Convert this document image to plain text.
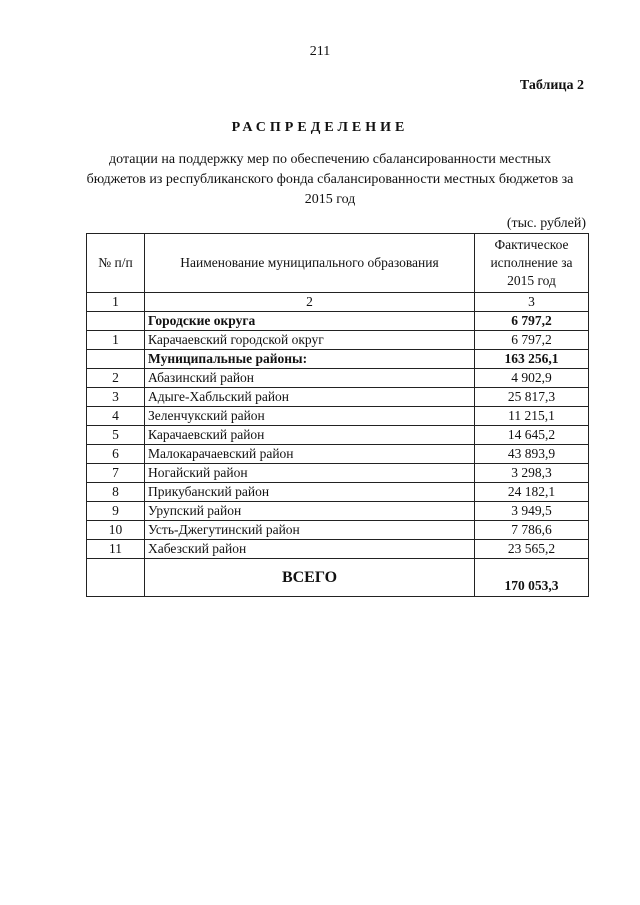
211
Таблица 2
РАСПРЕДЕЛЕНИЕ
дотации на поддержку мер по обеспечению сбалансированности местных бюджетов из республиканского фонда сбалансированности местных бюджетов за 2015 год
(тыс. рублей)
№ п/п	Наименование муниципального образования	Фактическое исполнение за 2015 год
1	2	3
	Городские округа	6 797,2
1	Карачаевский городской округ	6 797,2
	Муниципальные районы:	163 256,1
2	Абазинский район	4 902,9
3	Адыге-Хабльский район	25 817,3
4	Зеленчукский район	11 215,1
5	Карачаевский район	14 645,2
6	Малокарачаевский район	43 893,9
7	Ногайский район	3 298,3
8	Прикубанский район	24 182,1
9	Урупский район	3 949,5
10	Усть-Джегутинский район	7 786,6
11	Хабезский район	23 565,2
	ВСЕГО	170 053,3
